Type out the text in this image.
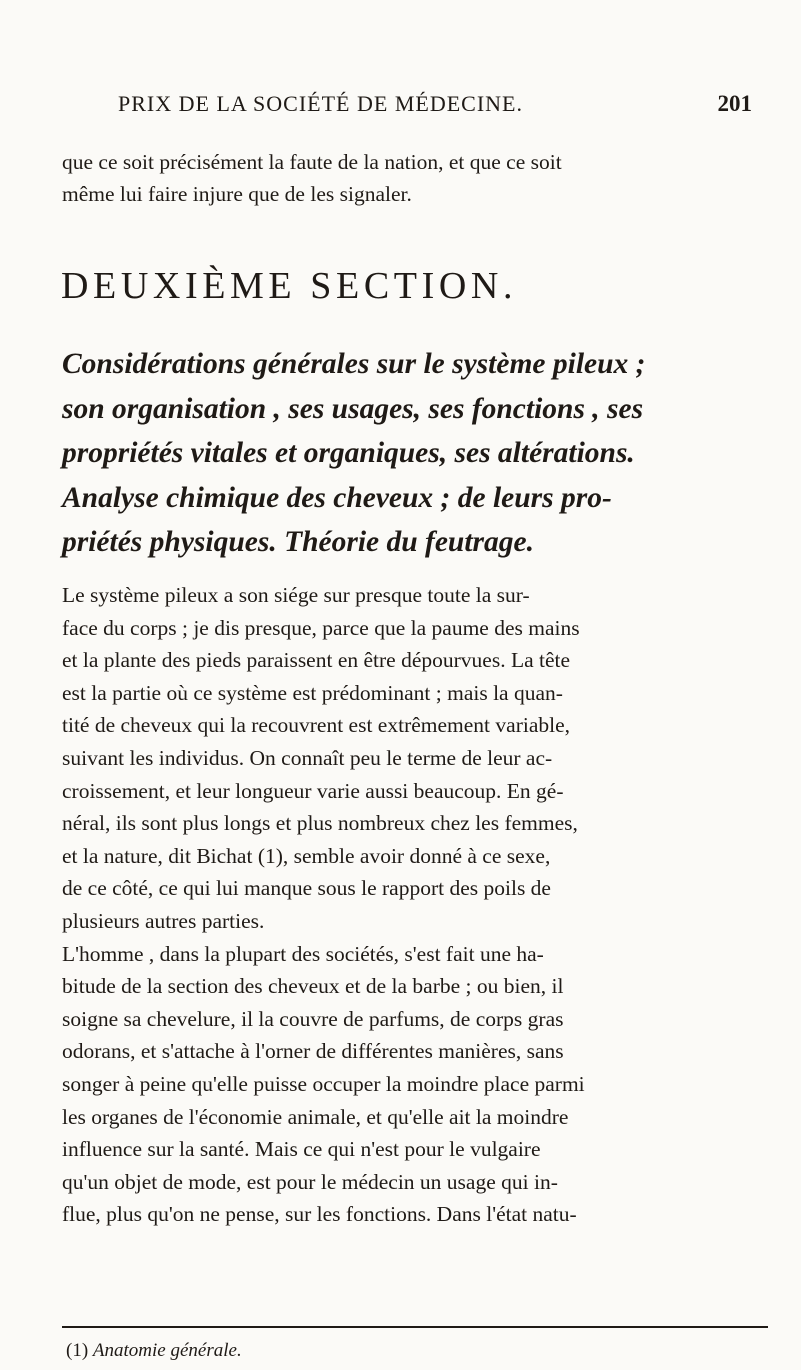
PRIX DE LA SOCIÉTÉ DE MÉDECINE.	201
que ce soit précisément la faute de la nation, et que ce soit
même lui faire injure que de les signaler.
DEUXIÈME SECTION.
Considérations générales sur le système pileux ;
son organisation , ses usages, ses fonctions , ses
propriétés vitales et organiques, ses altérations.
Analyse chimique des cheveux ; de leurs pro-
priétés physiques. Théorie du feutrage.
Le système pileux a son siége sur presque toute la sur-
face du corps ; je dis presque, parce que la paume des mains
et la plante des pieds paraissent en être dépourvues. La tête
est la partie où ce système est prédominant ; mais la quan-
tité de cheveux qui la recouvrent est extrêmement variable,
suivant les individus. On connaît peu le terme de leur ac-
croissement, et leur longueur varie aussi beaucoup. En gé-
néral, ils sont plus longs et plus nombreux chez les femmes,
et la nature, dit Bichat (1), semble avoir donné à ce sexe,
de ce côté, ce qui lui manque sous le rapport des poils de
plusieurs autres parties.
L'homme , dans la plupart des sociétés, s'est fait une ha-
bitude de la section des cheveux et de la barbe ; ou bien, il
soigne sa chevelure, il la couvre de parfums, de corps gras
odorans, et s'attache à l'orner de différentes manières, sans
songer à peine qu'elle puisse occuper la moindre place parmi
les organes de l'économie animale, et qu'elle ait la moindre
influence sur la santé. Mais ce qui n'est pour le vulgaire
qu'un objet de mode, est pour le médecin un usage qui in-
flue, plus qu'on ne pense, sur les fonctions. Dans l'état natu-
(1) Anatomie générale.
